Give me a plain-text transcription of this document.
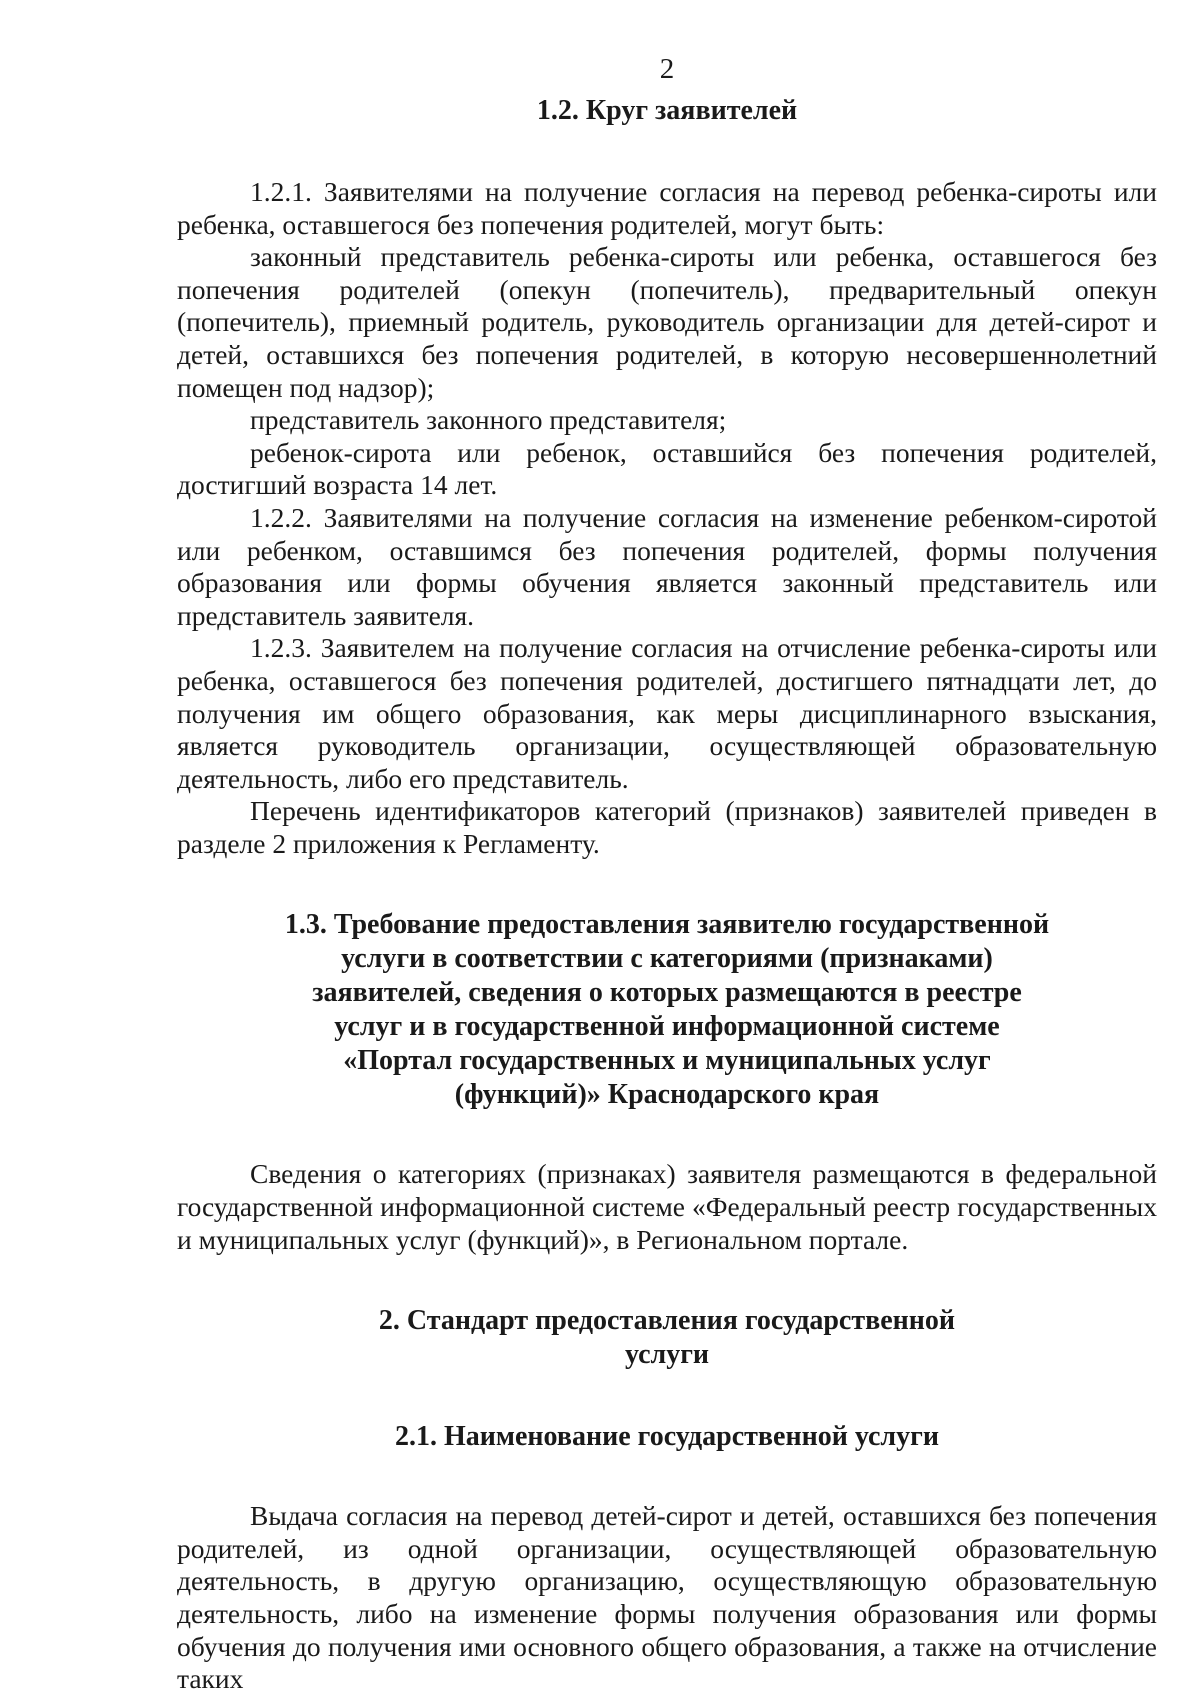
2
1.2. Круг заявителей

1.2.1. Заявителями на получение согласия на перевод ребенка-сироты или ребенка, оставшегося без попечения родителей, могут быть:

законный представитель ребенка-сироты или ребенка, оставшегося без попечения родителей (опекун (попечитель), предварительный опекун (попечитель), приемный родитель, руководитель организации для детей-сирот и детей, оставшихся без попечения родителей, в которую несовершеннолетний помещен под надзор);

представитель законного представителя;

ребенок-сирота или ребенок, оставшийся без попечения родителей, достигший возраста 14 лет.

1.2.2. Заявителями на получение согласия на изменение ребенком-сиротой или ребенком, оставшимся без попечения родителей, формы получения образования или формы обучения является законный представитель или представитель заявителя.

1.2.3. Заявителем на получение согласия на отчисление ребенка-сироты или ребенка, оставшегося без попечения родителей, достигшего пятнадцати лет, до получения им общего образования, как меры дисциплинарного взыскания, является руководитель организации, осуществляющей образовательную деятельность, либо его представитель.

Перечень идентификаторов категорий (признаков) заявителей приведен в разделе 2 приложения к Регламенту.

1.3. Требование предоставления заявителю государственной
услуги в соответствии с категориями (признаками)
заявителей, сведения о которых размещаются в реестре
услуг и в государственной информационной системе
«Портал государственных и муниципальных услуг
(функций)» Краснодарского края

Сведения о категориях (признаках) заявителя размещаются в федеральной государственной информационной системе «Федеральный реестр государственных и муниципальных услуг (функций)», в Региональном портале.

2. Стандарт предоставления государственной
услуги
2.1. Наименование государственной услуги

Выдача согласия на перевод детей-сирот и детей, оставшихся без попечения родителей, из одной организации, осуществляющей образовательную деятельность, в другую организацию, осуществляющую образовательную деятельность, либо на изменение формы получения образования или формы обучения до получения ими основного общего образования, а также на отчисление таких
